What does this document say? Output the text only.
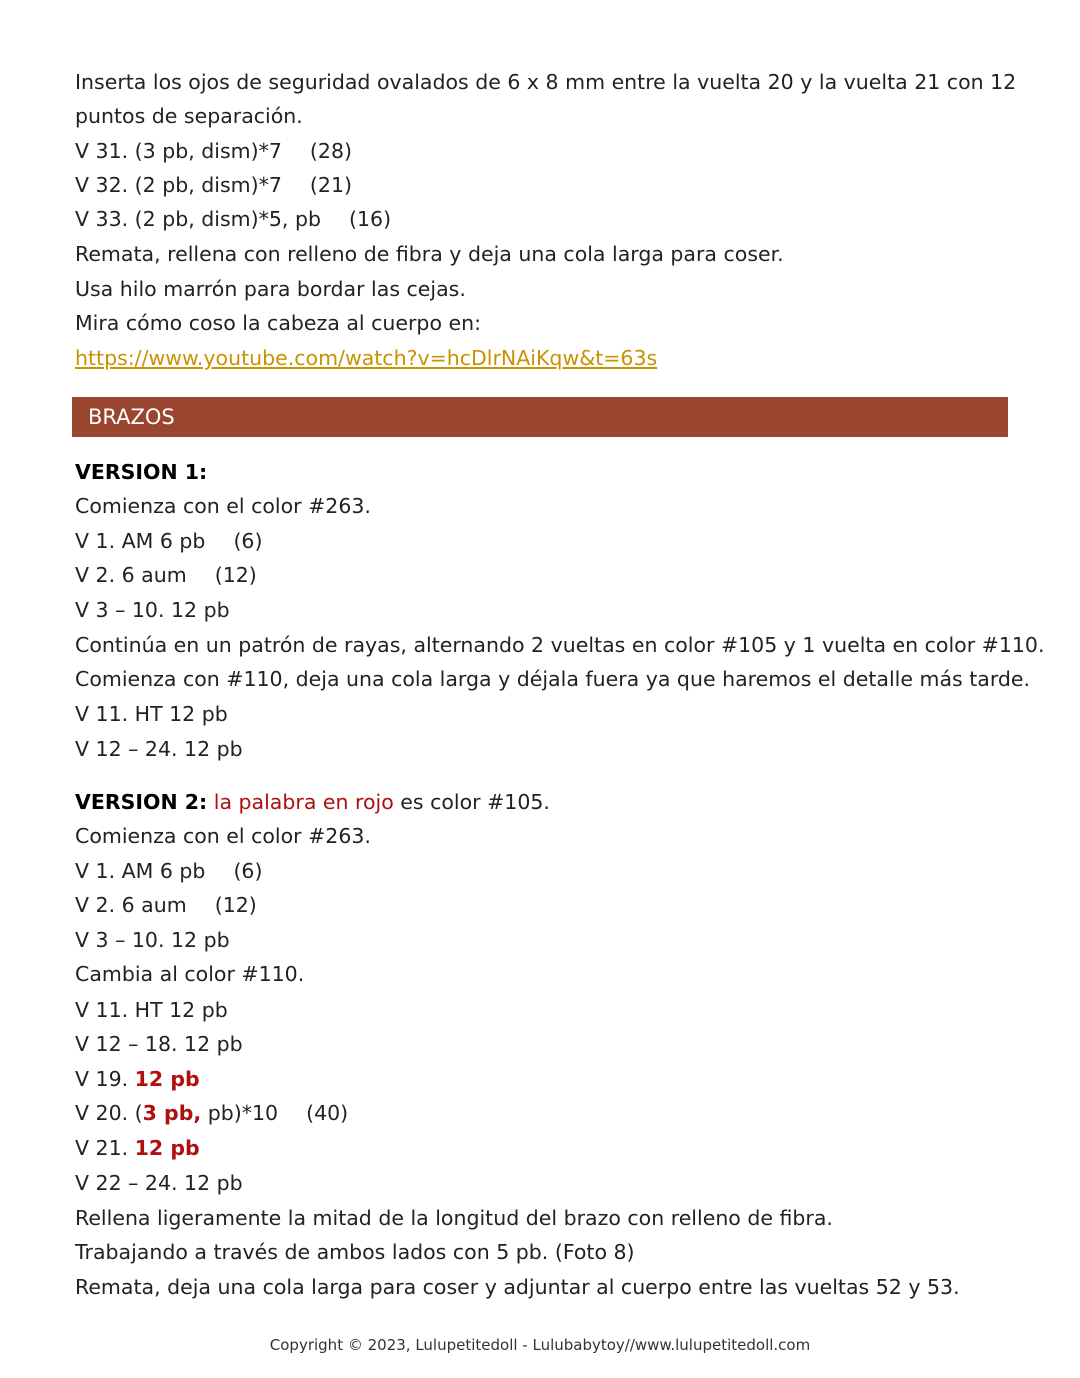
Inserta los ojos de seguridad ovalados de 6 x 8 mm entre la vuelta 20 y la vuelta 21 con 12
puntos de separación.
V 31. (3 pb, dism)*7 (28)
V 32. (2 pb, dism)*7 (21)
V 33. (2 pb, dism)*5, pb (16)
Remata, rellena con relleno de fibra y deja una cola larga para coser.
Usa hilo marrón para bordar las cejas.
Mira cómo coso la cabeza al cuerpo en:
https://www.youtube.com/watch?v=hcDlrNAiKqw&t=63s
BRAZOS
VERSION 1:
Comienza con el color #263.
V 1. AM 6 pb (6)
V 2. 6 aum (12)
V 3 – 10. 12 pb
Continúa en un patrón de rayas, alternando 2 vueltas en color #105 y 1 vuelta en color #110.
Comienza con #110, deja una cola larga y déjala fuera ya que haremos el detalle más tarde.
V 11. HT 12 pb
V 12 – 24. 12 pb
VERSION 2: la palabra en rojo es color #105.
Comienza con el color #263.
V 1. AM 6 pb (6)
V 2. 6 aum (12)
V 3 – 10. 12 pb
Cambia al color #110.
V 11. HT 12 pb
V 12 – 18. 12 pb
V 19. 12 pb
V 20. (3 pb, pb)*10 (40)
V 21. 12 pb
V 22 – 24. 12 pb
Rellena ligeramente la mitad de la longitud del brazo con relleno de fibra.
Trabajando a través de ambos lados con 5 pb. (Foto 8)
Remata, deja una cola larga para coser y adjuntar al cuerpo entre las vueltas 52 y 53.
Copyright © 2023, Lulupetitedoll - Lulubabytoy//www.lulupetitedoll.com
